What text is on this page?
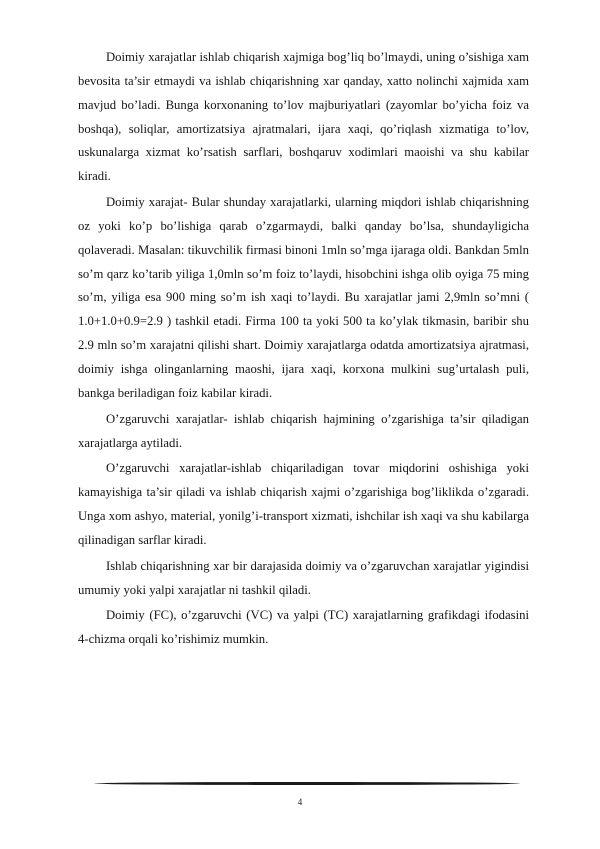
Doimiy xarajatlar ishlab chiqarish xajmiga bog’liq bo’lmaydi, uning o’sishiga xam bevosita ta’sir etmaydi va ishlab chiqarishning xar qanday, xatto nolinchi xajmida xam mavjud bo’ladi. Bunga korxonaning to’lov majburiyatlari (zayomlar bo’yicha foiz va boshqa), soliqlar, amortizatsiya ajratmalari, ijara xaqi, qo’riqlash xizmatiga to’lov, uskunalarga xizmat ko’rsatish sarflari, boshqaruv xodimlari maoishi va shu kabilar kiradi.

Doimiy xarajat- Bular shunday xarajatlarki, ularning miqdori ishlab chiqarishning oz yoki ko’p bo’lishiga qarab o’zgarmaydi, balki qanday bo’lsa, shundayligicha qolaveradi. Masalan: tikuvchilik firmasi binoni 1mln so’mga ijaraga oldi. Bankdan 5mln so’m qarz ko’tarib yiliga 1,0mln so’m foiz to’laydi, hisobchini ishga olib oyiga 75 ming so’m, yiliga esa 900 ming so’m ish xaqi to’laydi. Bu xarajatlar jami 2,9mln so’mni ( 1.0+1.0+0.9=2.9 ) tashkil etadi. Firma 100 ta yoki 500 ta ko’ylak tikmasin, baribir shu 2.9 mln so’m xarajatni qilishi shart. Doimiy xarajatlarga odatda amortizatsiya ajratmasi, doimiy ishga olinganlarning maoshi, ijara xaqi, korxona mulkini sug’urtalash puli, bankga beriladigan foiz kabilar kiradi.

O’zgaruvchi xarajatlar- ishlab chiqarish hajmining o’zgarishiga ta’sir qiladigan xarajatlarga aytiladi.

O’zgaruvchi xarajatlar-ishlab chiqariladigan tovar miqdorini oshishiga yoki kamayishiga ta’sir qiladi va ishlab chiqarish xajmi o’zgarishiga bog’liklikda o’zgaradi. Unga xom ashyo, material, yonilg’i-transport xizmati, ishchilar ish xaqi va shu kabilarga qilinadigan sarflar kiradi.

Ishlab chiqarishning xar bir darajasida doimiy va o’zgaruvchan xarajatlar yigindisi umumiy yoki yalpi xarajatlar ni tashkil qiladi.

Doimiy (FC), o’zgaruvchi (VC) va yalpi (TC) xarajatlarning grafikdagi ifodasini 4-chizma orqali ko’rishimiz mumkin.

4
